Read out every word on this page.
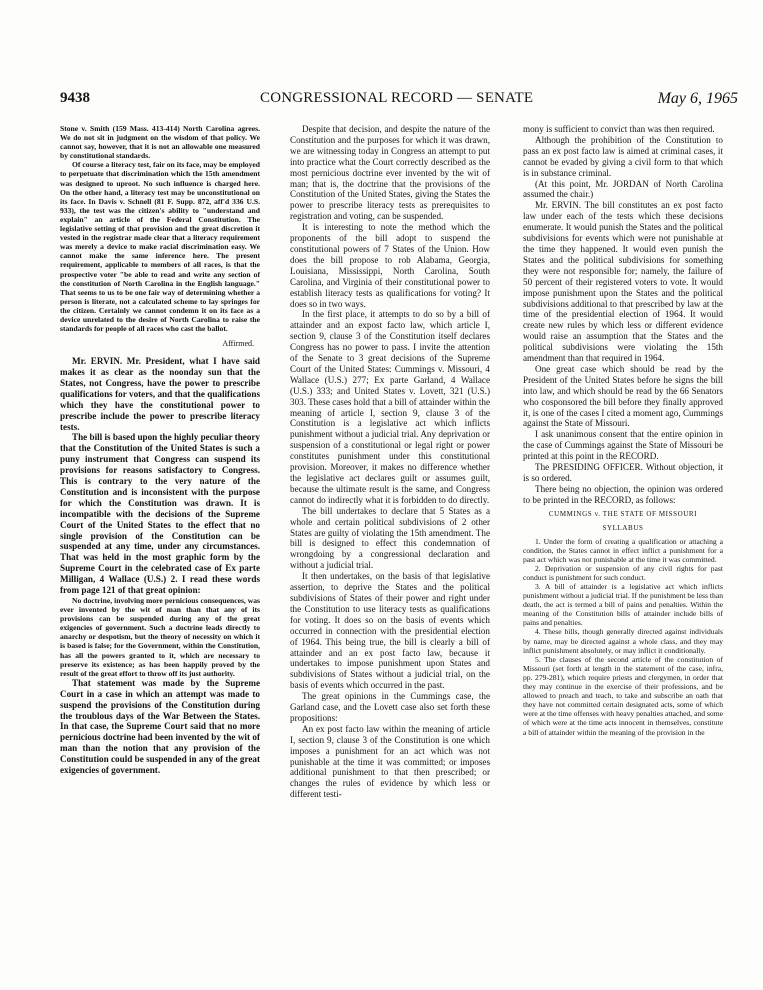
9438	CONGRESSIONAL RECORD — SENATE	May 6, 1965

Stone v. Smith (159 Mass. 413-414) North Carolina agrees. We do not sit in judgment on the wisdom of that policy. We cannot say, however, that it is not an allowable one measured by constitutional standards.

Of course a literacy test, fair on its face, may be employed to perpetuate that discrimination which the 15th amendment was designed to uproot. No such influence is charged here. On the other hand, a literacy test may be unconstitutional on its face. In Davis v. Schnell (81 F. Supp. 872, aff'd 336 U.S. 933), the test was the citizen's ability to "understand and explain" an article of the Federal Constitution. The legislative setting of that provision and the great discretion it vested in the registrar made clear that a literacy requirement was merely a device to make racial discrimination easy. We cannot make the same inference here. The present requirement, applicable to members of all races, is that the prospective voter "be able to read and write any section of the constitution of North Carolina in the English language." That seems to us to be one fair way of determining whether a person is literate, not a calculated scheme to lay springes for the citizen. Certainly we cannot condemn it on its face as a device unrelated to the desire of North Carolina to raise the standards for people of all races who cast the ballot.

Affirmed.

Mr. ERVIN. Mr. President, what I have said makes it as clear as the noonday sun that the States, not Congress, have the power to prescribe qualifications for voters, and that the qualifications which they have the constitutional power to prescribe include the power to prescribe literacy tests.

The bill is based upon the highly peculiar theory that the Constitution of the United States is such a puny instrument that Congress can suspend its provisions for reasons satisfactory to Congress. This is contrary to the very nature of the Constitution and is inconsistent with the purpose for which the Constitution was drawn. It is incompatible with the decisions of the Supreme Court of the United States to the effect that no single provision of the Constitution can be suspended at any time, under any circumstances. That was held in the most graphic form by the Supreme Court in the celebrated case of Ex parte Milligan, 4 Wallace (U.S.) 2. I read these words from page 121 of that great opinion:

No doctrine, involving more pernicious consequences, was ever invented by the wit of man than that any of its provisions can be suspended during any of the great exigencies of government. Such a doctrine leads directly to anarchy or despotism, but the theory of necessity on which it is based is false; for the Government, within the Constitution, has all the powers granted to it, which are necessary to preserve its existence; as has been happily proved by the result of the great effort to throw off its just authority.

That statement was made by the Supreme Court in a case in which an attempt was made to suspend the provisions of the Constitution during the troublous days of the War Between the States. In that case, the Supreme Court said that no more pernicious doctrine had been invented by the wit of man than the notion that any provision of the Constitution could be suspended in any of the great exigencies of government.

Despite that decision, and despite the nature of the Constitution and the purposes for which it was drawn, we are witnessing today in Congress an attempt to put into practice what the Court correctly described as the most pernicious doctrine ever invented by the wit of man; that is, the doctrine that the provisions of the Constitution of the United States, giving the States the power to prescribe literacy tests as prerequisites to registration and voting, can be suspended.

It is interesting to note the method which the proponents of the bill adopt to suspend the constitutional powers of 7 States of the Union. How does the bill propose to rob Alabama, Georgia, Louisiana, Mississippi, North Carolina, South Carolina, and Virginia of their constitutional power to establish literacy tests as qualifications for voting? It does so in two ways.

In the first place, it attempts to do so by a bill of attainder and an expost facto law, which article I, section 9, clause 3 of the Constitution itself declares Congress has no power to pass. I invite the attention of the Senate to 3 great decisions of the Supreme Court of the United States: Cummings v. Missouri, 4 Wallace (U.S.) 277; Ex parte Garland, 4 Wallace (U.S.) 333; and United States v. Lovett, 321 (U.S.) 303. These cases hold that a bill of attainder within the meaning of article I, section 9, clause 3 of the Constitution is a legislative act which inflicts punishment without a judicial trial. Any deprivation or suspension of a constitutional or legal right or power constitutes punishment under this constitutional provision. Moreover, it makes no difference whether the legislative act declares guilt or assumes guilt, because the ultimate result is the same, and Congress cannot do indirectly what it is forbidden to do directly.

The bill undertakes to declare that 5 States as a whole and certain political subdivisions of 2 other States are guilty of violating the 15th amendment. The bill is designed to effect this condemnation of wrongdoing by a congressional declaration and without a judicial trial.

It then undertakes, on the basis of that legislative assertion, to deprive the States and the political subdivisions of States of their power and right under the Constitution to use literacy tests as qualifications for voting. It does so on the basis of events which occurred in connection with the presidential election of 1964. This being true, the bill is clearly a bill of attainder and an ex post facto law, because it undertakes to impose punishment upon States and subdivisions of States without a judicial trial, on the basis of events which occurred in the past.

The great opinions in the Cummings case, the Garland case, and the Lovett case also set forth these propositions:

An ex post facto law within the meaning of article I, section 9, clause 3 of the Constitution is one which imposes a punishment for an act which was not punishable at the time it was committed; or imposes additional punishment to that then prescribed; or changes the rules of evidence by which less or different testi-

mony is sufficient to convict than was then required.

Although the prohibition of the Constitution to pass an ex post facto law is aimed at criminal cases, it cannot be evaded by giving a civil form to that which is in substance criminal.

(At this point, Mr. JORDAN of North Carolina assumed the chair.)

Mr. ERVIN. The bill constitutes an ex post facto law under each of the tests which these decisions enumerate. It would punish the States and the political subdivisions for events which were not punishable at the time they happened. It would even punish the States and the political subdivisions for something they were not responsible for; namely, the failure of 50 percent of their registered voters to vote. It would impose punishment upon the States and the political subdivisions additional to that prescribed by law at the time of the presidential election of 1964. It would create new rules by which less or different evidence would raise an assumption that the States and the political subdivisions were violating the 15th amendment than that required in 1964.

One great case which should be read by the President of the United States before he signs the bill into law, and which should be read by the 66 Senators who cosponsored the bill before they finally approved it, is one of the cases I cited a moment ago, Cummings against the State of Missouri.

I ask unanimous consent that the entire opinion in the case of Cummings against the State of Missouri be printed at this point in the RECORD.

The PRESIDING OFFICER. Without objection, it is so ordered.

There being no objection, the opinion was ordered to be printed in the RECORD, as follows:

CUMMINGS v. THE STATE OF MISSOURI

SYLLABUS

1. Under the form of creating a qualification or attaching a condition, the States cannot in effect inflict a punishment for a past act which was not punishable at the time it was committed.

2. Deprivation or suspension of any civil rights for past conduct is punishment for such conduct.

3. A bill of attainder is a legislative act which inflicts punishment without a judicial trial. If the punishment be less than death, the act is termed a bill of pains and penalties. Within the meaning of the Constitution bills of attainder include bills of pains and penalties.

4. These bills, though generally directed against individuals by name, may be directed against a whole class, and they may inflict punishment absolutely, or may inflict it conditionally.

5. The clauses of the second article of the constitution of Missouri (set forth at length in the statement of the case, infra, pp. 279-281), which require priests and clergymen, in order that they may continue in the exercise of their professions, and be allowed to preach and teach, to take and subscribe an oath that they have not committed certain designated acts, some of which were at the time offenses with heavy penalties attached, and some of which were at the time acts innocent in themselves, constitute a bill of attainder within the meaning of the provision in the
